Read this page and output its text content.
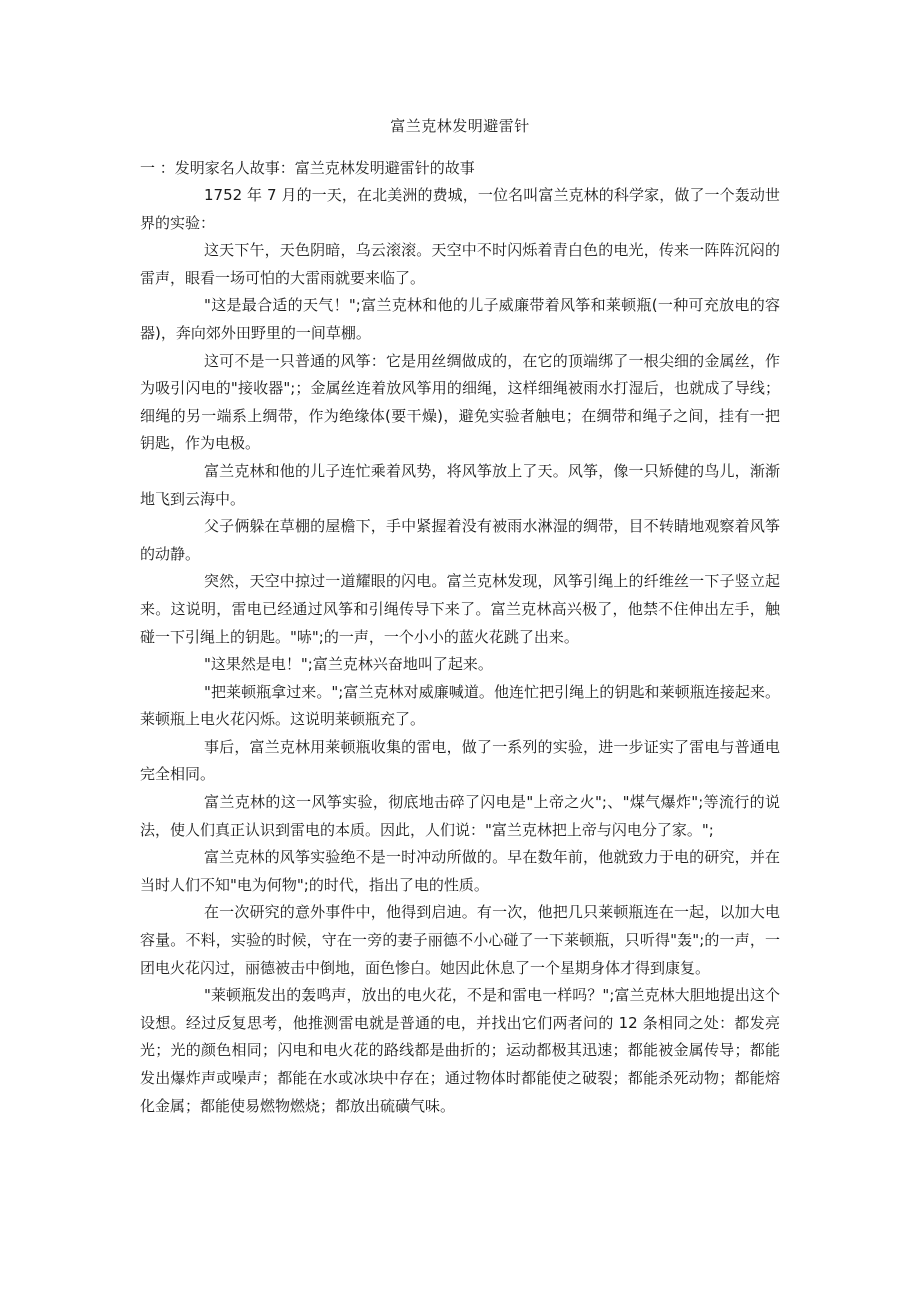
富兰克林发明避雷针
一 ：发明家名人故事：富兰克林发明避雷针的故事

1752 年 7 月的一天，在北美洲的费城，一位名叫富兰克林的科学家，做了一个轰动世界的实验：

这天下午，天色阴暗，乌云滚滚。天空中不时闪烁着青白色的电光，传来一阵阵沉闷的雷声，眼看一场可怕的大雷雨就要来临了。

"这是最合适的天气！";富兰克林和他的儿子威廉带着风筝和莱顿瓶(一种可充放电的容器)，奔向郊外田野里的一间草棚。

这可不是一只普通的风筝：它是用丝绸做成的，在它的顶端绑了一根尖细的金属丝，作为吸引闪电的"接收器";；金属丝连着放风筝用的细绳，这样细绳被雨水打湿后，也就成了导线；细绳的另一端系上绸带，作为绝缘体(要干燥)，避免实验者触电；在绸带和绳子之间，挂有一把钥匙，作为电极。

富兰克林和他的儿子连忙乘着风势，将风筝放上了天。风筝，像一只矫健的鸟儿，渐渐地飞到云海中。

父子俩躲在草棚的屋檐下，手中紧握着没有被雨水淋湿的绸带，目不转睛地观察着风筝的动静。

突然，天空中掠过一道耀眼的闪电。富兰克林发现，风筝引绳上的纤维丝一下子竖立起来。这说明，雷电已经通过风筝和引绳传导下来了。富兰克林高兴极了，他禁不住伸出左手，触碰一下引绳上的钥匙。"哧";的一声，一个小小的蓝火花跳了出来。

"这果然是电！";富兰克林兴奋地叫了起来。

"把莱顿瓶拿过来。";富兰克林对威廉喊道。他连忙把引绳上的钥匙和莱顿瓶连接起来。莱顿瓶上电火花闪烁。这说明莱顿瓶充了。

事后，富兰克林用莱顿瓶收集的雷电，做了一系列的实验，进一步证实了雷电与普通电完全相同。

富兰克林的这一风筝实验，彻底地击碎了闪电是"上帝之火";、"煤气爆炸";等流行的说法，使人们真正认识到雷电的本质。因此，人们说："富兰克林把上帝与闪电分了家。";

富兰克林的风筝实验绝不是一时冲动所做的。早在数年前，他就致力于电的研究，并在当时人们不知"电为何物";的时代，指出了电的性质。

在一次研究的意外事件中，他得到启迪。有一次，他把几只莱顿瓶连在一起，以加大电容量。不料，实验的时候，守在一旁的妻子丽德不小心碰了一下莱顿瓶，只听得"轰";的一声，一团电火花闪过，丽德被击中倒地，面色惨白。她因此休息了一个星期身体才得到康复。

"莱顿瓶发出的轰鸣声，放出的电火花，不是和雷电一样吗？";富兰克林大胆地提出这个设想。经过反复思考，他推测雷电就是普通的电，并找出它们两者问的 12 条相同之处：都发亮光；光的颜色相同；闪电和电火花的路线都是曲折的；运动都极其迅速；都能被金属传导；都能发出爆炸声或噪声；都能在水或冰块中存在；通过物体时都能使之破裂；都能杀死动物；都能熔化金属；都能使易燃物燃烧；都放出硫磺气味。
